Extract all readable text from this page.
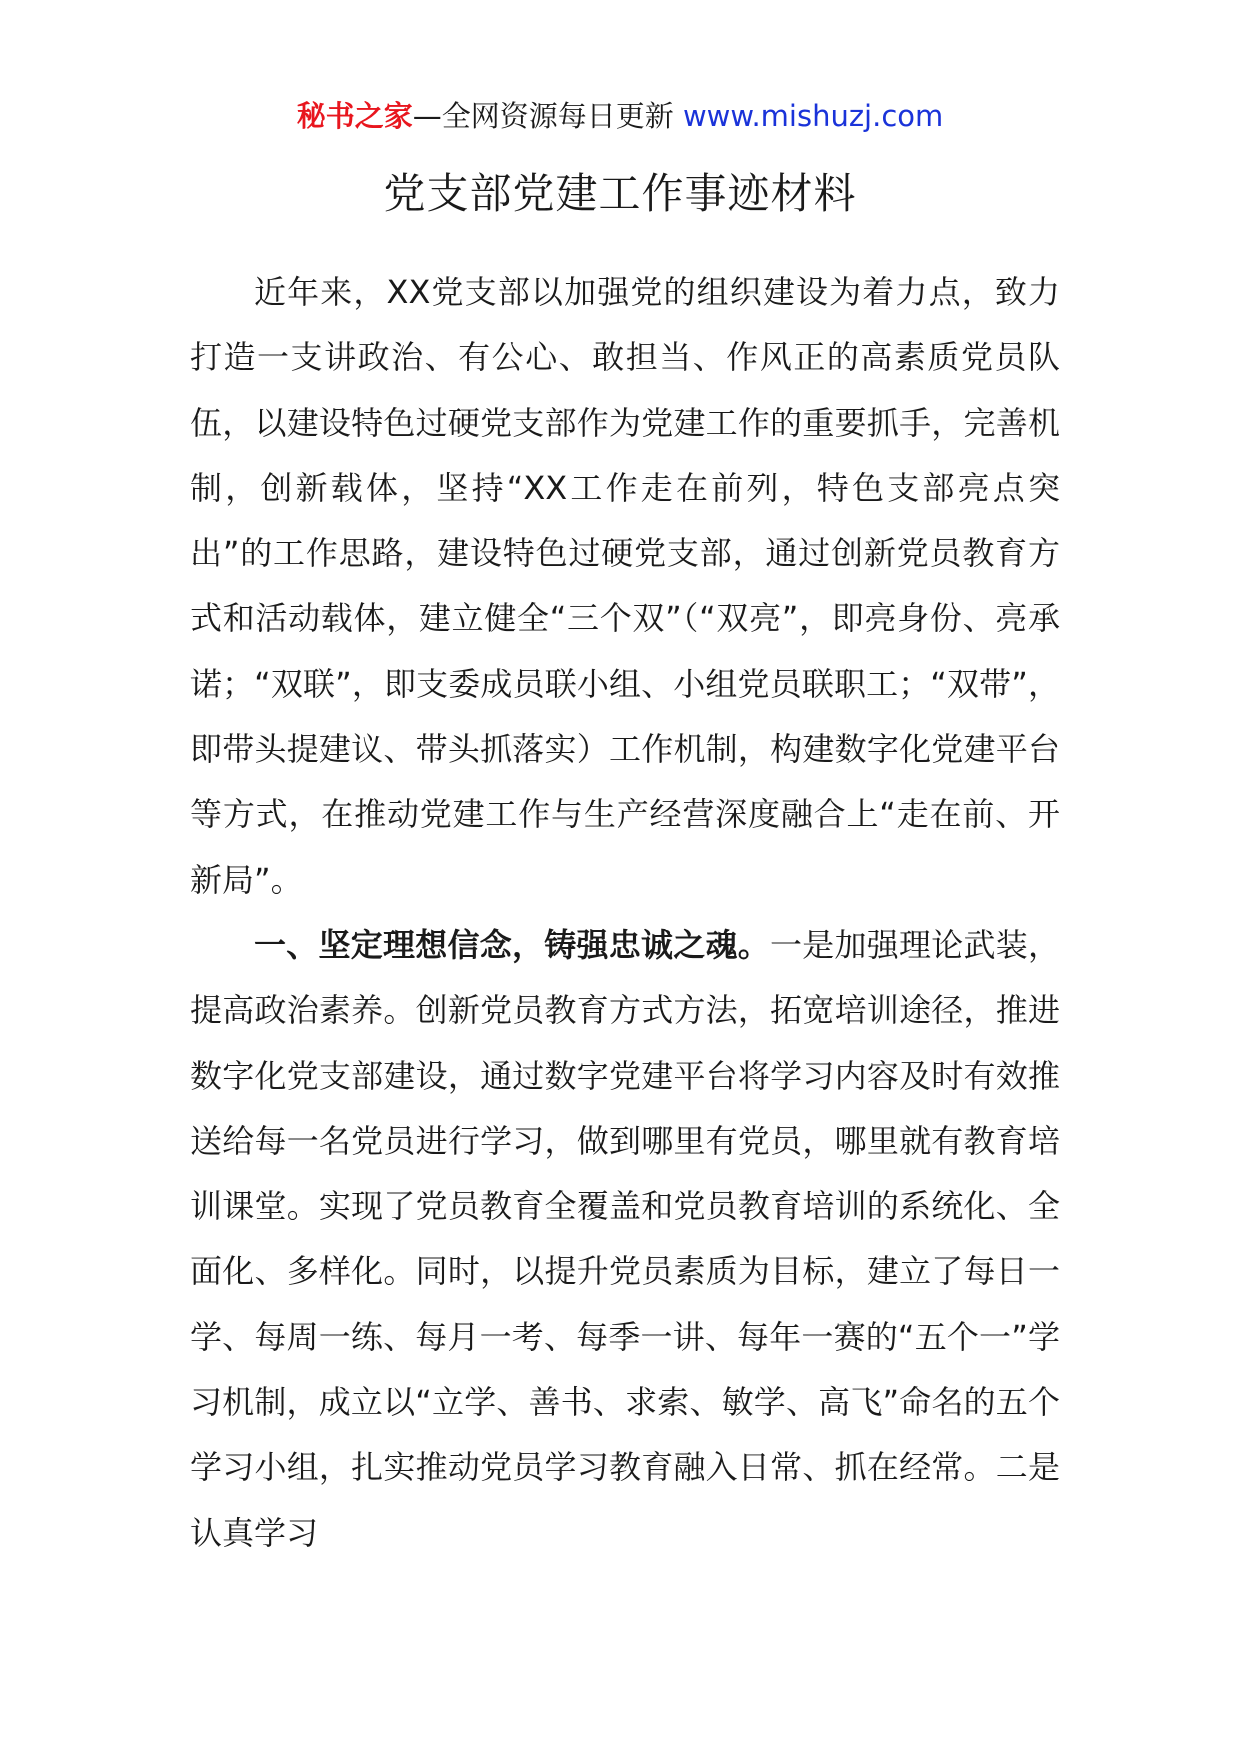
秘书之家—全网资源每日更新 www.mishuzj.com
党支部党建工作事迹材料

近年来，XX党支部以加强党的组织建设为着力点，致力打造一支讲政治、有公心、敢担当、作风正的高素质党员队伍，以建设特色过硬党支部作为党建工作的重要抓手，完善机制，创新载体，坚持“XX工作走在前列，特色支部亮点突出”的工作思路，建设特色过硬党支部，通过创新党员教育方式和活动载体，建立健全“三个双”（“双亮”，即亮身份、亮承诺；“双联”，即支委成员联小组、小组党员联职工；“双带”，即带头提建议、带头抓落实）工作机制，构建数字化党建平台等方式，在推动党建工作与生产经营深度融合上“走在前、开新局”。

一、坚定理想信念，铸强忠诚之魂。一是加强理论武装，提高政治素养。创新党员教育方式方法，拓宽培训途径，推进数字化党支部建设，通过数字党建平台将学习内容及时有效推送给每一名党员进行学习，做到哪里有党员，哪里就有教育培训课堂。实现了党员教育全覆盖和党员教育培训的系统化、全面化、多样化。同时，以提升党员素质为目标，建立了每日一学、每周一练、每月一考、每季一讲、每年一赛的“五个一”学习机制，成立以“立学、善书、求索、敏学、高飞”命名的五个学习小组，扎实推动党员学习教育融入日常、抓在经常。二是认真学习
